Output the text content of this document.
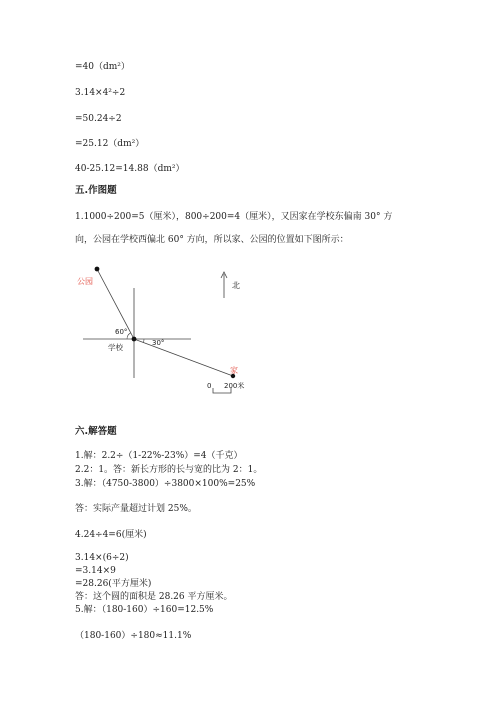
=40（dm²）
3.14×4²÷2
=50.24÷2
=25.12（dm²）
40-25.12=14.88（dm²）
五.作图题
1.1000÷200=5（厘米），800÷200=4（厘米），又因家在学校东偏南 30° 方
向，公园在学校西偏北 60° 方向，所以家、公园的位置如下图所示：
公园
家
学校
北
60°
30°
0 200米
六.解答题
1.解：2.2÷（1-22%-23%）=4（千克）
2.2：1。答：新长方形的长与宽的比为 2：1。
3.解：（4750-3800）÷3800×100%=25%
答：实际产量超过计划 25%。
4.24÷4=6(厘米)
3.14×(6÷2)
=3.14×9
=28.26(平方厘米)
答：这个圆的面积是 28.26 平方厘米。
5.解：（180-160）÷160=12.5%
（180-160）÷180≈11.1%
